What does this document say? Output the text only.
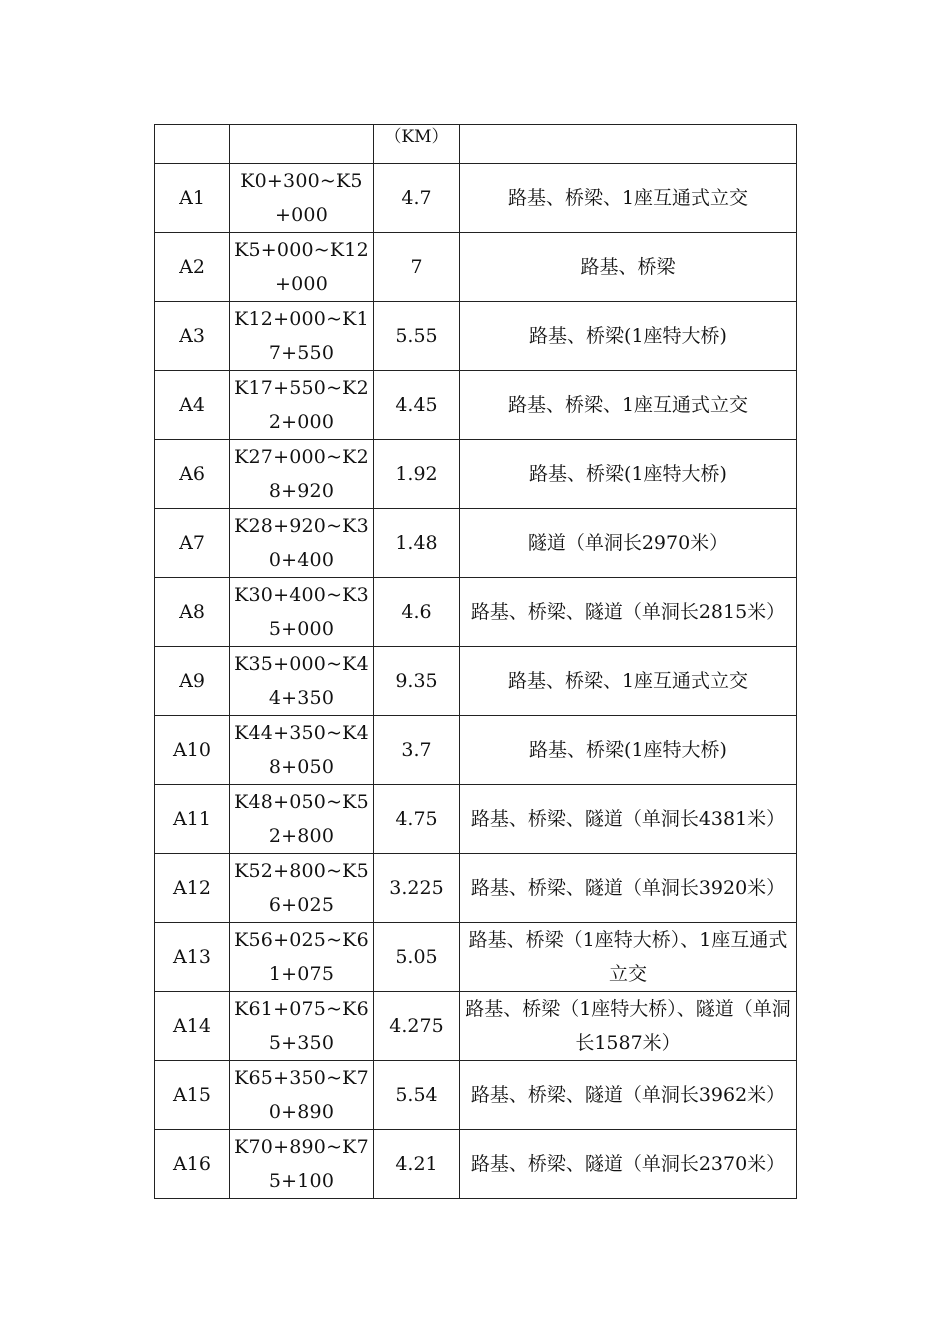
		（KM）	
A1	K0+300~K5+000	4.7	路基、桥梁、1座互通式立交
A2	K5+000~K12+000	7	路基、桥梁
A3	K12+000~K17+550	5.55	路基、桥梁(1座特大桥)
A4	K17+550~K22+000	4.45	路基、桥梁、1座互通式立交
A6	K27+000~K28+920	1.92	路基、桥梁(1座特大桥)
A7	K28+920~K30+400	1.48	隧道（单洞长2970米）
A8	K30+400~K35+000	4.6	路基、桥梁、隧道（单洞长2815米）
A9	K35+000~K44+350	9.35	路基、桥梁、1座互通式立交
A10	K44+350~K48+050	3.7	路基、桥梁(1座特大桥)
A11	K48+050~K52+800	4.75	路基、桥梁、隧道（单洞长4381米）
A12	K52+800~K56+025	3.225	路基、桥梁、隧道（单洞长3920米）
A13	K56+025~K61+075	5.05	路基、桥梁（1座特大桥）、1座互通式立交
A14	K61+075~K65+350	4.275	路基、桥梁（1座特大桥）、隧道（单洞长1587米）
A15	K65+350~K70+890	5.54	路基、桥梁、隧道（单洞长3962米）
A16	K70+890~K75+100	4.21	路基、桥梁、隧道（单洞长2370米）
